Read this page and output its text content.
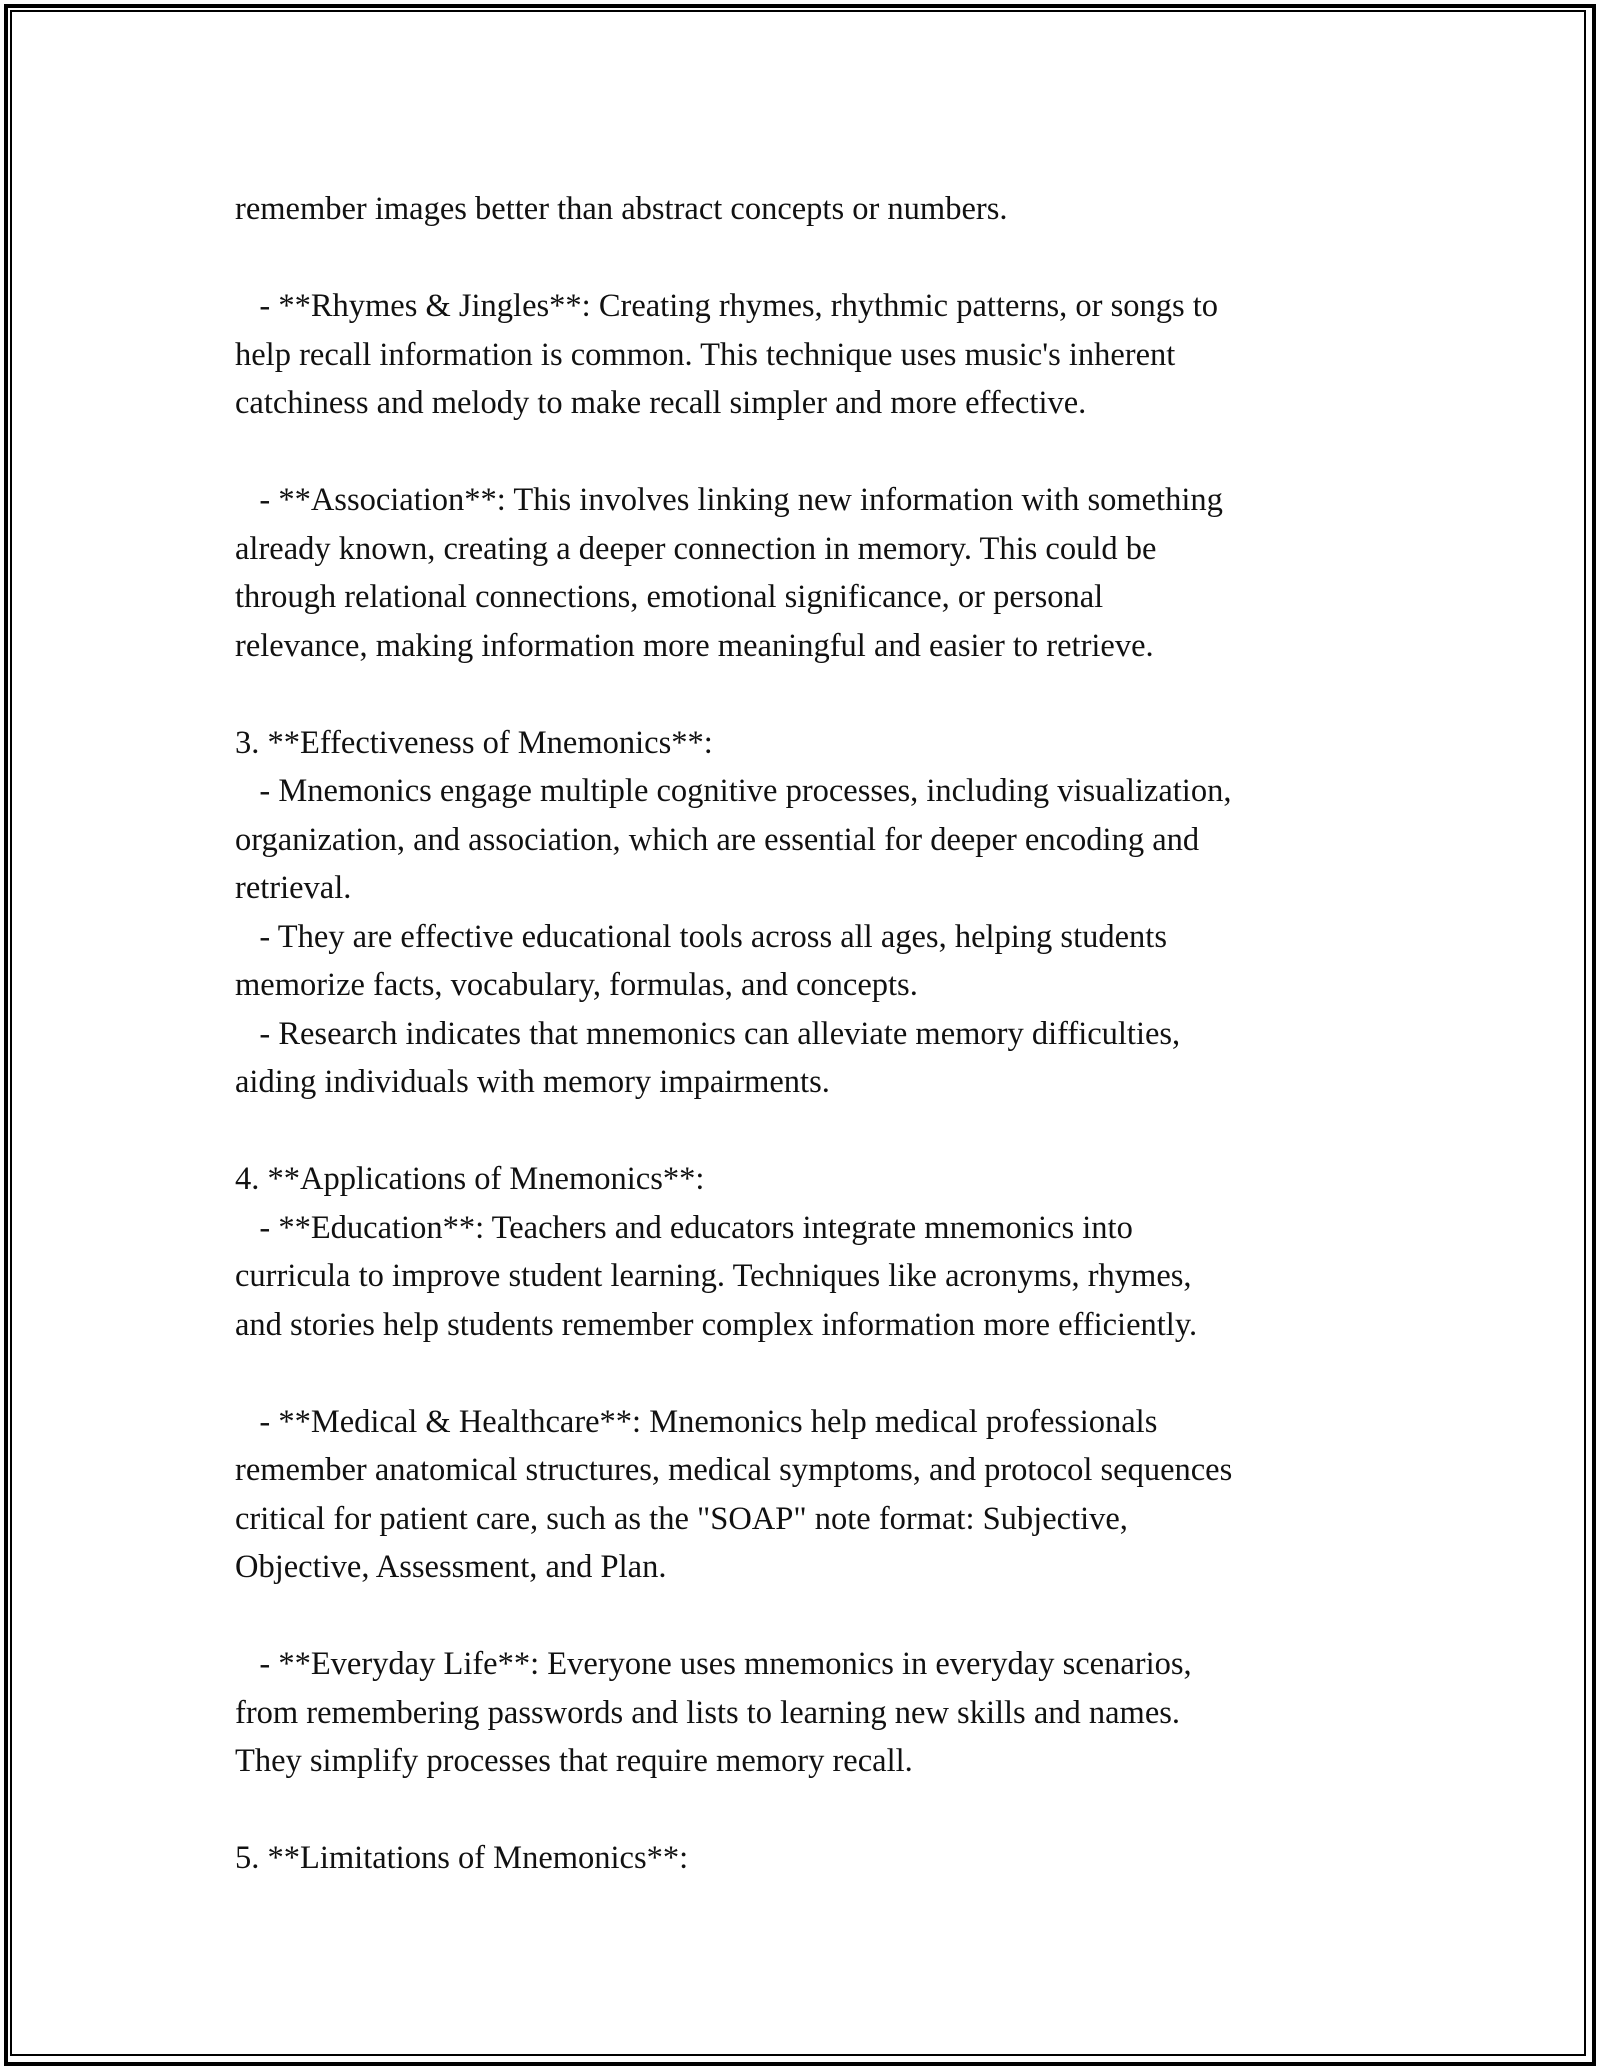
remember images better than abstract concepts or numbers.
- **Rhymes & Jingles**: Creating rhymes, rhythmic patterns, or songs to
help recall information is common. This technique uses music's inherent
catchiness and melody to make recall simpler and more effective.
- **Association**: This involves linking new information with something
already known, creating a deeper connection in memory. This could be
through relational connections, emotional significance, or personal
relevance, making information more meaningful and easier to retrieve.
3. **Effectiveness of Mnemonics**:
- Mnemonics engage multiple cognitive processes, including visualization,
organization, and association, which are essential for deeper encoding and
retrieval.
- They are effective educational tools across all ages, helping students
memorize facts, vocabulary, formulas, and concepts.
- Research indicates that mnemonics can alleviate memory difficulties,
aiding individuals with memory impairments.
4. **Applications of Mnemonics**:
- **Education**: Teachers and educators integrate mnemonics into
curricula to improve student learning. Techniques like acronyms, rhymes,
and stories help students remember complex information more efficiently.
- **Medical & Healthcare**: Mnemonics help medical professionals
remember anatomical structures, medical symptoms, and protocol sequences
critical for patient care, such as the "SOAP" note format: Subjective,
Objective, Assessment, and Plan.
- **Everyday Life**: Everyone uses mnemonics in everyday scenarios,
from remembering passwords and lists to learning new skills and names.
They simplify processes that require memory recall.
5. **Limitations of Mnemonics**:
